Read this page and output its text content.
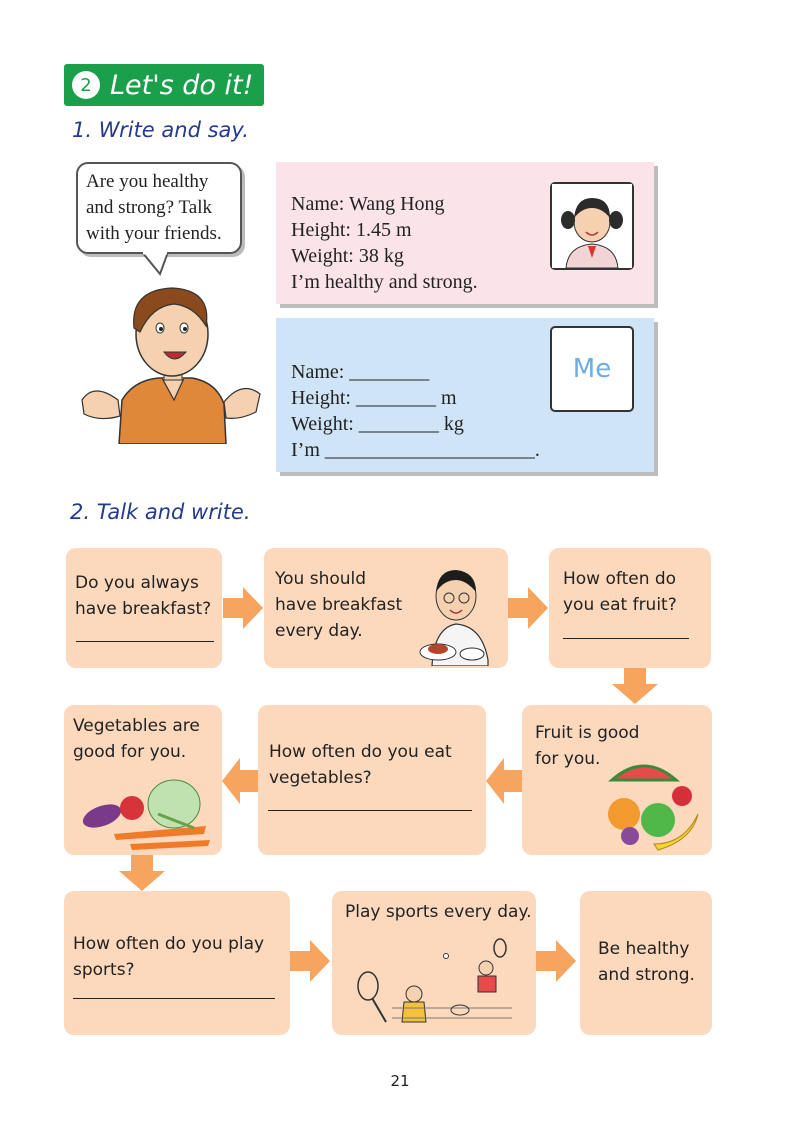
2 Let's do it!
1. Write and say.
Are you healthy
and strong? Talk
with your friends.
Name: Wang Hong
Height: 1.45 m
Weight: 38 kg
I’m healthy and strong.
Name: ________
Height: ________ m
Weight: ________ kg
I’m _____________________.
Me
2. Talk and write.
Do you always
have breakfast?
You should
have breakfast
every day.
How often do
you eat fruit?
Vegetables are
good for you.	How often do you eat
vegetables?
Fruit is good
for you.
How often do you play
sports?
Play sports every day.
Be healthy
and strong.
21
